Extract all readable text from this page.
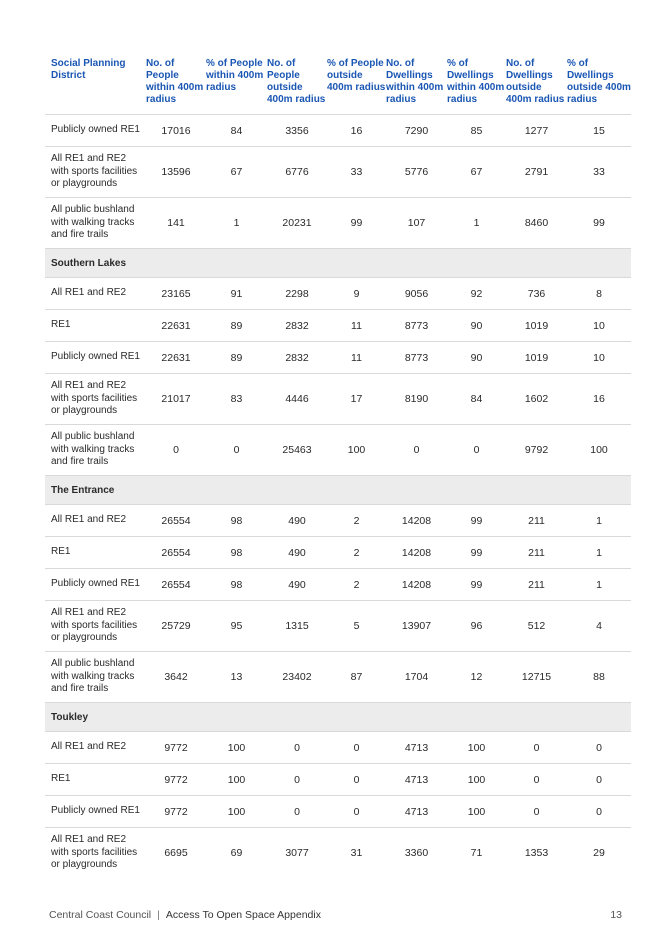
Social Planning District	No. of People within 400m radius	% of People within 400m radius	No. of People outside 400m radius	% of People outside 400m radius	No. of Dwellings within 400m radius	% of Dwellings within 400m radius	No. of Dwellings outside 400m radius	% of Dwellings outside 400m radius
Publicly owned RE1	17016	84	3356	16	7290	85	1277	15
All RE1 and RE2 with sports facilities or playgrounds	13596	67	6776	33	5776	67	2791	33
All public bushland with walking tracks and fire trails	141	1	20231	99	107	1	8460	99
Southern Lakes								
All RE1 and RE2	23165	91	2298	9	9056	92	736	8
RE1	22631	89	2832	11	8773	90	1019	10
Publicly owned RE1	22631	89	2832	11	8773	90	1019	10
All RE1 and RE2 with sports facilities or playgrounds	21017	83	4446	17	8190	84	1602	16
All public bushland with walking tracks and fire trails	0	0	25463	100	0	0	9792	100
The Entrance								
All RE1 and RE2	26554	98	490	2	14208	99	211	1
RE1	26554	98	490	2	14208	99	211	1
Publicly owned RE1	26554	98	490	2	14208	99	211	1
All RE1 and RE2 with sports facilities or playgrounds	25729	95	1315	5	13907	96	512	4
All public bushland with walking tracks and fire trails	3642	13	23402	87	1704	12	12715	88
Toukley								
All RE1 and RE2	9772	100	0	0	4713	100	0	0
RE1	9772	100	0	0	4713	100	0	0
Publicly owned RE1	9772	100	0	0	4713	100	0	0
All RE1 and RE2 with sports facilities or playgrounds	6695	69	3077	31	3360	71	1353	29
Central Coast Council | Access To Open Space Appendix	13
